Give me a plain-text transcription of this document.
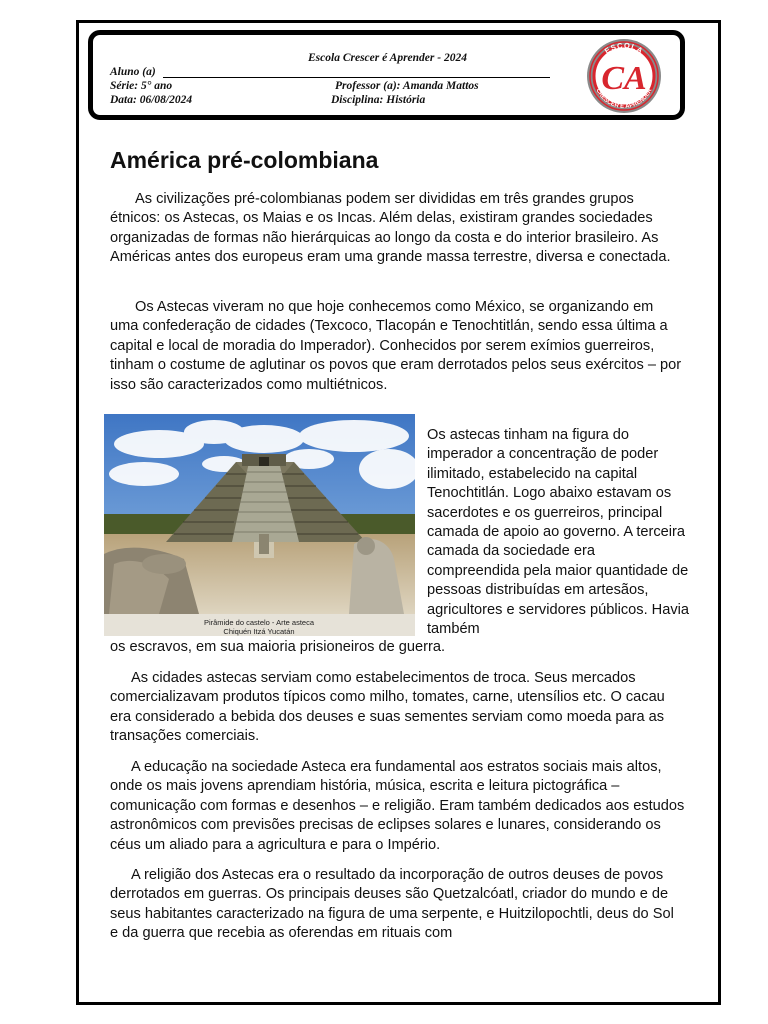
Escola Crescer é Aprender - 2024
Aluno (a)
Série: 5° ano	Professor (a): Amanda Mattos
Data: 06/08/2024	Disciplina: História
ESCOLA
CRESCER É APRENDER
CA
América pré-colombiana

As civilizações pré-colombianas podem ser divididas em três grandes grupos étnicos: os Astecas, os Maias e os Incas. Além delas, existiram grandes sociedades organizadas de formas não hierárquicas ao longo da costa e do interior brasileiro. As Américas antes dos europeus eram uma grande massa terrestre, diversa e conectada.

Os Astecas viveram no que hoje conhecemos como México, se organizando em uma confederação de cidades (Texcoco, Tlacopán e Tenochtitlán, sendo essa última a capital e local de moradia do Imperador). Conhecidos por serem exímios guerreiros, tinham o costume de aglutinar os povos que eram derrotados pelos seus exércitos – por isso são caracterizados como multiétnicos.

Pirâmide do castelo - Arte asteca
Chiquén Itzá Yucatán

Os astecas tinham na figura do imperador a concentração de poder ilimitado, estabelecido na capital Tenochtitlán. Logo abaixo estavam os sacerdotes e os guerreiros, principal camada de apoio ao governo. A terceira camada da sociedade era compreendida pela maior quantidade de pessoas distribuídas em artesãos, agricultores e servidores públicos. Havia também

os escravos, em sua maioria prisioneiros de guerra.

As cidades astecas serviam como estabelecimentos de troca. Seus mercados comercializavam produtos típicos como milho, tomates, carne, utensílios etc. O cacau era considerado a bebida dos deuses e suas sementes serviam como moeda para as transações comerciais.

A educação na sociedade Asteca era fundamental aos estratos sociais mais altos, onde os mais jovens aprendiam história, música, escrita e leitura pictográfica – comunicação com formas e desenhos – e religião. Eram também dedicados aos estudos astronômicos com previsões precisas de eclipses solares e lunares, considerando os céus um aliado para a agricultura e para o Império.

A religião dos Astecas era o resultado da incorporação de outros deuses de povos derrotados em guerras. Os principais deuses são Quetzalcóatl, criador do mundo e de seus habitantes caracterizado na figura de uma serpente, e Huitzilopochtli, deus do Sol e da guerra que recebia as oferendas em rituais com
